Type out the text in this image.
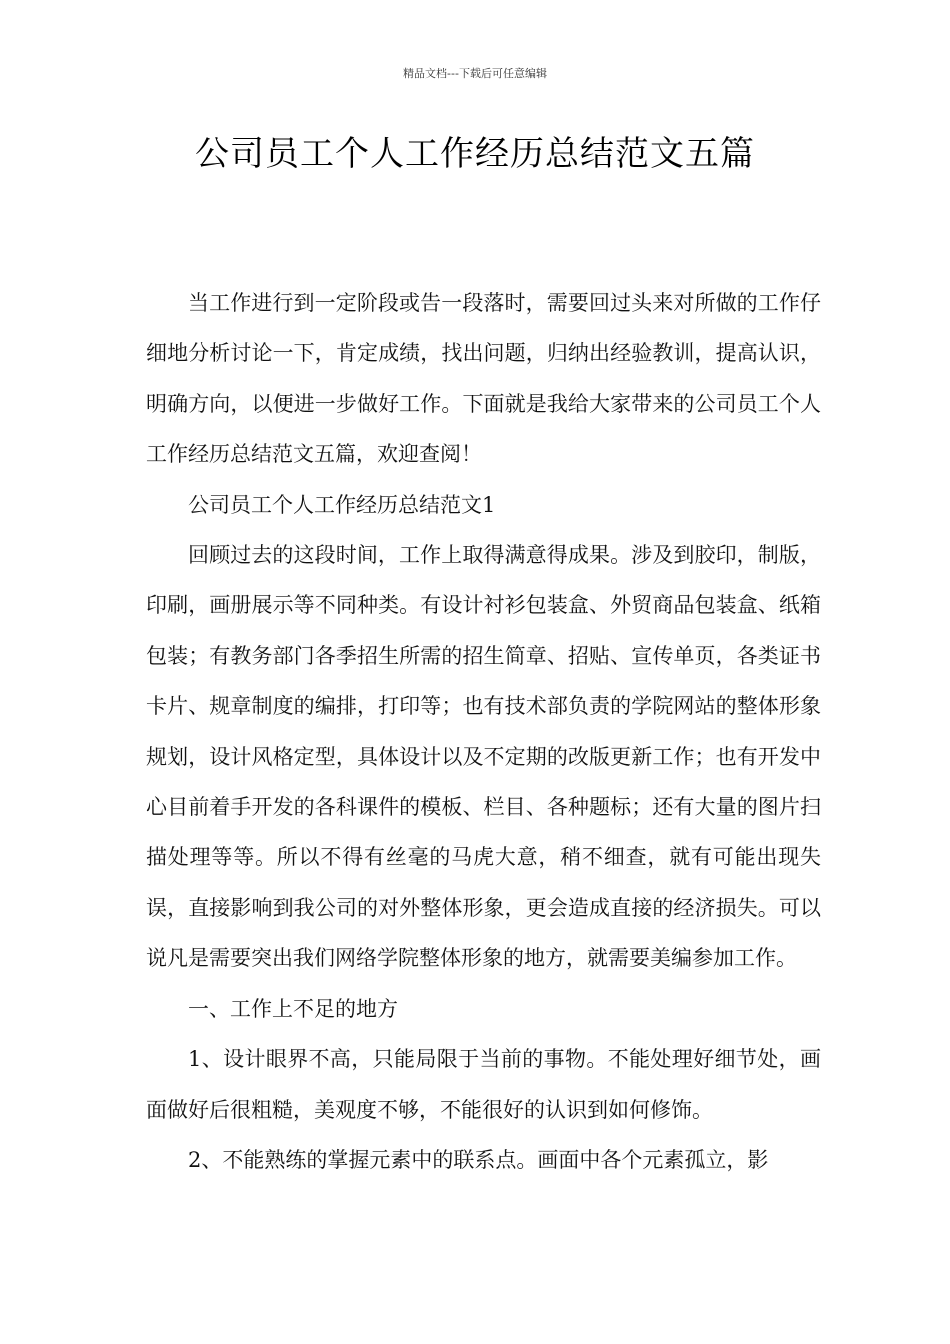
精品文档---下载后可任意编辑
公司员工个人工作经历总结范文五篇

当工作进行到一定阶段或告一段落时，需要回过头来对所做的工作仔细地分析讨论一下，肯定成绩，找出问题，归纳出经验教训，提高认识，明确方向，以便进一步做好工作。下面就是我给大家带来的公司员工个人工作经历总结范文五篇，欢迎查阅！

公司员工个人工作经历总结范文1

回顾过去的这段时间，工作上取得满意得成果。涉及到胶印，制版，印刷，画册展示等不同种类。有设计衬衫包装盒、外贸商品包装盒、纸箱包装；有教务部门各季招生所需的招生简章、招贴、宣传单页，各类证书卡片、规章制度的编排，打印等；也有技术部负责的学院网站的整体形象规划，设计风格定型，具体设计以及不定期的改版更新工作；也有开发中心目前着手开发的各科课件的模板、栏目、各种题标；还有大量的图片扫描处理等等。所以不得有丝毫的马虎大意，稍不细查，就有可能出现失误，直接影响到我公司的对外整体形象，更会造成直接的经济损失。可以说凡是需要突出我们网络学院整体形象的地方，就需要美编参加工作。

一、工作上不足的地方

1、设计眼界不高，只能局限于当前的事物。不能处理好细节处，画面做好后很粗糙，美观度不够，不能很好的认识到如何修饰。

2、不能熟练的掌握元素中的联系点。画面中各个元素孤立，影
